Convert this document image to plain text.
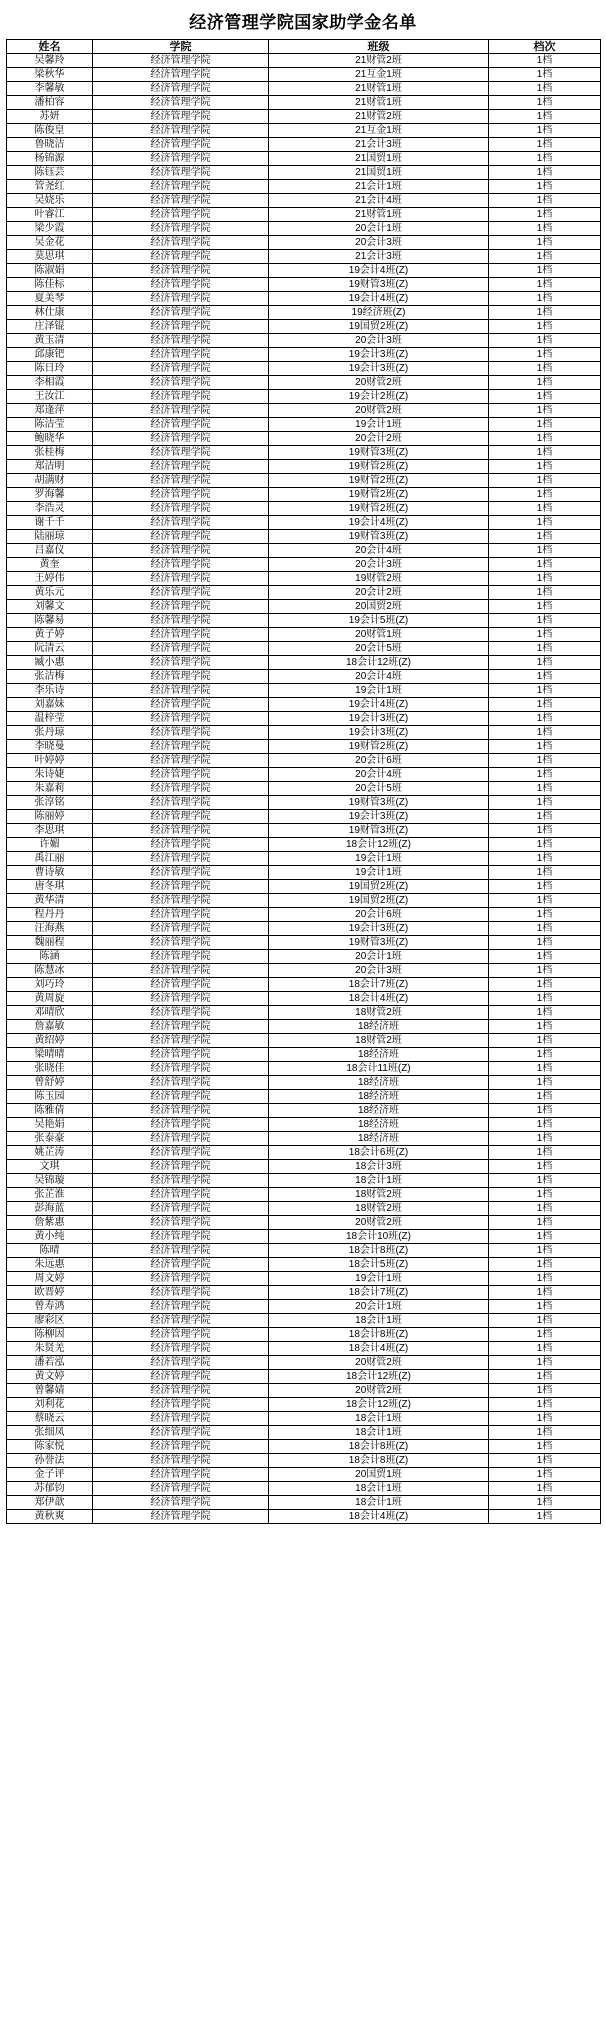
经济管理学院国家助学金名单
姓名	学院	班级	档次
吴馨羚	经济管理学院	21财管2班	1档
梁秋华	经济管理学院	21互金1班	1档
李馨敏	经济管理学院	21财管1班	1档
潘柏容	经济管理学院	21财管1班	1档
苏妍	经济管理学院	21财管2班	1档
陈俊皇	经济管理学院	21互金1班	1档
鲁晓洁	经济管理学院	21会计3班	1档
杨锦源	经济管理学院	21国贸1班	1档
陈钰芸	经济管理学院	21国贸1班	1档
管尧红	经济管理学院	21会计1班	1档
吴娆乐	经济管理学院	21会计4班	1档
叶睿江	经济管理学院	21财管1班	1档
梁少霞	经济管理学院	20会计1班	1档
吴金花	经济管理学院	20会计3班	1档
莫思琪	经济管理学院	21会计3班	1档
陈淑娟	经济管理学院	19会计4班(Z)	1档
陈佳标	经济管理学院	19财管3班(Z)	1档
夏美琴	经济管理学院	19会计4班(Z)	1档
林仕康	经济管理学院	19经济班(Z)	1档
庄泽锟	经济管理学院	19国贸2班(Z)	1档
黄玉清	经济管理学院	20会计3班	1档
邱康钯	经济管理学院	19会计3班(Z)	1档
陈日玲	经济管理学院	19会计3班(Z)	1档
李相霞	经济管理学院	20财管2班	1档
王汝江	经济管理学院	19会计2班(Z)	1档
郑逢萍	经济管理学院	20财管2班	1档
陈洁莹	经济管理学院	19会计1班	1档
鲍晓华	经济管理学院	20会计2班	1档
张桂梅	经济管理学院	19财管3班(Z)	1档
郑洁明	经济管理学院	19财管2班(Z)	1档
胡满财	经济管理学院	19财管2班(Z)	1档
罗海馨	经济管理学院	19财管2班(Z)	1档
李浩灵	经济管理学院	19财管2班(Z)	1档
谢千千	经济管理学院	19会计4班(Z)	1档
陆丽琼	经济管理学院	19财管3班(Z)	1档
吕嘉仪	经济管理学院	20会计4班	1档
黄奎	经济管理学院	20会计3班	1档
王婷伟	经济管理学院	19财管2班	1档
黄乐元	经济管理学院	20会计2班	1档
刘馨文	经济管理学院	20国贸2班	1档
陈馨易	经济管理学院	19会计5班(Z)	1档
黄子婷	经济管理学院	20财管1班	1档
阮清云	经济管理学院	20会计5班	1档
臧小惠	经济管理学院	18会计12班(Z)	1档
张洁梅	经济管理学院	20会计4班	1档
李乐诗	经济管理学院	19会计1班	1档
刘嘉妹	经济管理学院	19会计4班(Z)	1档
温梓莹	经济管理学院	19会计3班(Z)	1档
张丹琼	经济管理学院	19会计3班(Z)	1档
李晓曼	经济管理学院	19财管2班(Z)	1档
叶婷婷	经济管理学院	20会计6班	1档
朱诗婕	经济管理学院	20会计4班	1档
朱嘉莉	经济管理学院	20会计5班	1档
张淳铭	经济管理学院	19财管3班(Z)	1档
陈丽婷	经济管理学院	19会计3班(Z)	1档
李思琪	经济管理学院	19财管3班(Z)	1档
许媚	经济管理学院	18会计12班(Z)	1档
禹江丽	经济管理学院	19会计1班	1档
曹诗敏	经济管理学院	19会计1班	1档
唐冬琪	经济管理学院	19国贸2班(Z)	1档
黄华清	经济管理学院	19国贸2班(Z)	1档
程丹丹	经济管理学院	20会计6班	1档
汪海燕	经济管理学院	19会计3班(Z)	1档
魏丽程	经济管理学院	19财管3班(Z)	1档
陈涵	经济管理学院	20会计1班	1档
陈慧冰	经济管理学院	20会计3班	1档
刘巧玲	经济管理学院	18会计7班(Z)	1档
黄周旋	经济管理学院	18会计4班(Z)	1档
邓晴欣	经济管理学院	18财管2班	1档
詹嘉敏	经济管理学院	18经济班	1档
黄绍婷	经济管理学院	18财管2班	1档
梁晴晴	经济管理学院	18经济班	1档
张晓佳	经济管理学院	18会计11班(Z)	1档
曾舒婷	经济管理学院	18经济班	1档
陈玉园	经济管理学院	18经济班	1档
陈雅倩	经济管理学院	18经济班	1档
吴艳娟	经济管理学院	18经济班	1档
张泰豪	经济管理学院	18经济班	1档
姚芷涛	经济管理学院	18会计6班(Z)	1档
文琪	经济管理学院	18会计3班	1档
吴锦璇	经济管理学院	18会计1班	1档
张芷淮	经济管理学院	18财管2班	1档
彭海蓝	经济管理学院	18财管2班	1档
詹紫惠	经济管理学院	20财管2班	1档
黄小纯	经济管理学院	18会计10班(Z)	1档
陈晴	经济管理学院	18会计8班(Z)	1档
朱远惠	经济管理学院	18会计5班(Z)	1档
周文婷	经济管理学院	19会计1班	1档
欧晋婷	经济管理学院	18会计7班(Z)	1档
曾寿鸿	经济管理学院	20会计1班	1档
廖彩区	经济管理学院	18会计1班	1档
陈柳因	经济管理学院	18会计8班(Z)	1档
朱贤羌	经济管理学院	18会计4班(Z)	1档
潘若泓	经济管理学院	20财管2班	1档
黄文婷	经济管理学院	18会计12班(Z)	1档
曾馨婧	经济管理学院	20财管2班	1档
刘利花	经济管理学院	18会计12班(Z)	1档
蔡晓云	经济管理学院	18会计1班	1档
张细凤	经济管理学院	18会计1班	1档
陈家悦	经济管理学院	18会计8班(Z)	1档
孙誉法	经济管理学院	18会计8班(Z)	1档
金子评	经济管理学院	20国贸1班	1档
苏郁钧	经济管理学院	18会计1班	1档
郑伊歆	经济管理学院	18会计1班	1档
黄秋爽	经济管理学院	18会计4班(Z)	1档
